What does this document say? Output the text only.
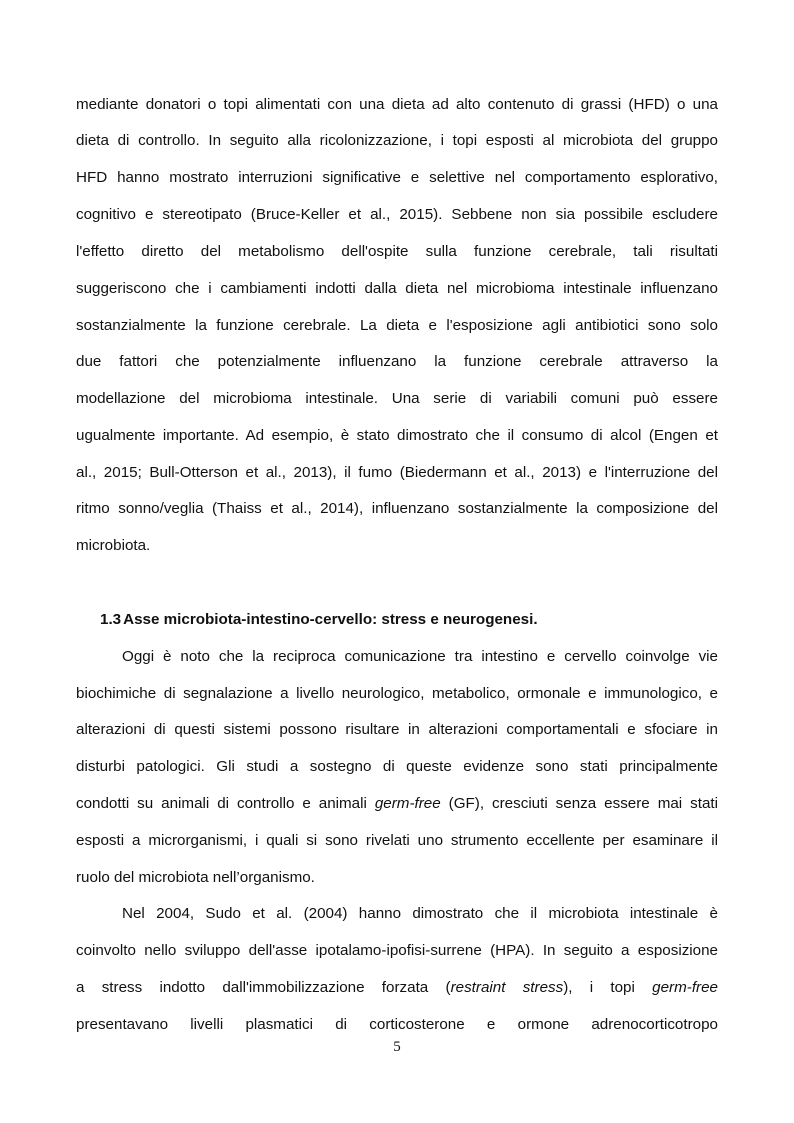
mediante donatori o topi alimentati con una dieta ad alto contenuto di grassi (HFD) o una
dieta di controllo. In seguito alla ricolonizzazione, i topi esposti al microbiota del gruppo
HFD hanno mostrato interruzioni significative e selettive nel comportamento esplorativo,
cognitivo e stereotipato (Bruce-Keller et al., 2015). Sebbene non sia possibile escludere
l'effetto diretto del metabolismo dell'ospite sulla funzione cerebrale, tali risultati
suggeriscono che i cambiamenti indotti dalla dieta nel microbioma intestinale influenzano
sostanzialmente la funzione cerebrale. La dieta e l'esposizione agli antibiotici sono solo
due fattori che potenzialmente influenzano la funzione cerebrale attraverso la
modellazione del microbioma intestinale. Una serie di variabili comuni può essere
ugualmente importante. Ad esempio, è stato dimostrato che il consumo di alcol (Engen et
al., 2015; Bull-Otterson et al., 2013), il fumo (Biedermann et al., 2013) e l'interruzione del
ritmo sonno/veglia (Thaiss et al., 2014), influenzano sostanzialmente la composizione del
microbiota.
1.3 Asse microbiota-intestino-cervello: stress e neurogenesi.
Oggi è noto che la reciproca comunicazione tra intestino e cervello coinvolge vie
biochimiche di segnalazione a livello neurologico, metabolico, ormonale e immunologico, e
alterazioni di questi sistemi possono risultare in alterazioni comportamentali e sfociare in
disturbi patologici. Gli studi a sostegno di queste evidenze sono stati principalmente
condotti su animali di controllo e animali germ-free (GF), cresciuti senza essere mai stati
esposti a microrganismi, i quali si sono rivelati uno strumento eccellente per esaminare il
ruolo del microbiota nell’organismo.
Nel 2004, Sudo et al. (2004) hanno dimostrato che il microbiota intestinale è
coinvolto nello sviluppo dell'asse ipotalamo-ipofisi-surrene (HPA). In seguito a esposizione
a stress indotto dall'immobilizzazione forzata (restraint stress), i topi germ-free
presentavano livelli plasmatici di corticosterone e ormone adrenocorticotropo
5
